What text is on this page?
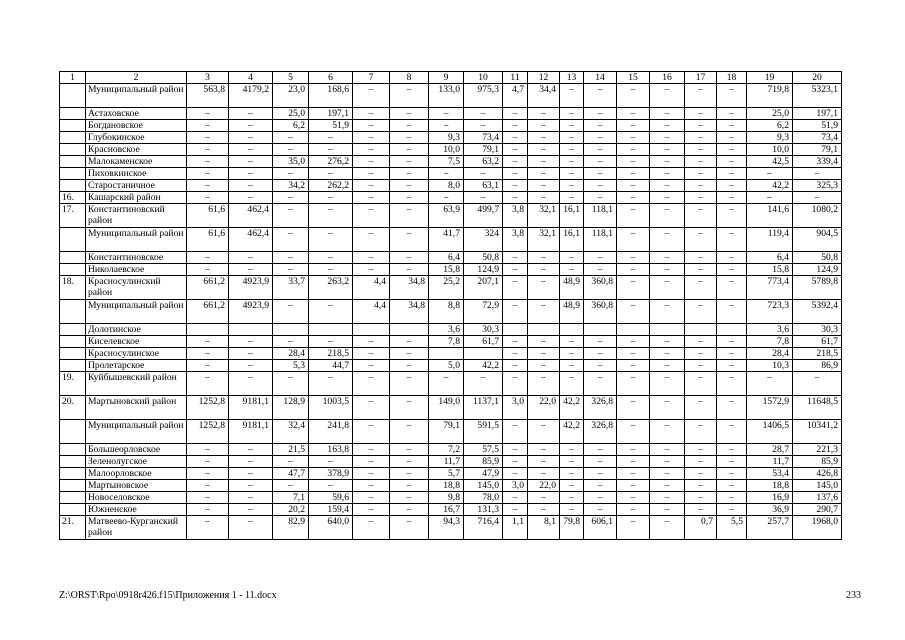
1	2	3	4	5	6	7	8	9	10	11	12	13	14	15	16	17	18	19	20
	Муниципальный район	563,8	4179,2	23,0	168,6	–	–	133,0	975,3	4,7	34,4	–	–	–	–	–	–	719,8	5323,1
	Астаховское	–	–	25,0	197,1	–	–	–	–	–	–	–	–	–	–	–	–	25,0	197,1
	Богдановское	–	–	6,2	51,9	–	–	–	–	–	–	–	–	–	–	–	–	6,2	51,9
	Глубокинское	–	–	–	–	–	–	9,3	73,4	–	–	–	–	–	–	–	–	9,3	73,4
	Красновское	–	–	–	–	–	–	10,0	79,1	–	–	–	–	–	–	–	–	10,0	79,1
	Малокаменское	–	–	35,0	276,2	–	–	7,5	63,2	–	–	–	–	–	–	–	–	42,5	339,4
	Пиховкинское	–	–	–	–	–	–	–	–	–	–	–	–	–	–	–	–	–	–
	Старостаничное	–	–	34,2	262,2	–	–	8,0	63,1	–	–	–	–	–	–	–	–	42,2	325,3
16.	Кашарский район	–	–	–	–	–	–	–	–	–	–	–	–	–	–	–	–	–	–
17.	Константиновский район	61,6	462,4	–	–	–	–	63,9	499,7	3,8	32,1	16,1	118,1	–	–	–	–	141,6	1080,2
	Муниципальный район	61,6	462,4	–	–	–	–	41,7	324	3,8	32,1	16,1	118,1	–	–	–	–	119,4	904,5
	Константиновское	–	–	–	–	–	–	6,4	50,8	–	–	–	–	–	–	–	–	6,4	50,8
	Николаевское	–	–	–	–	–	–	15,8	124,9	–	–	–	–	–	–	–	–	15,8	124,9
18.	Красносулинский район	661,2	4923,9	33,7	263,2	4,4	34,8	25,2	207,1	–	–	48,9	360,8	–	–	–	–	773,4	5789,8
	Муниципальный район	661,2	4923,9	–	–	4,4	34,8	8,8	72,9	–	–	48,9	360,8	–	–	–	–	723,3	5392,4
	Долотинское							3,6	30,3									3,6	30,3
	Киселевское	–	–	–	–	–	–	7,8	61,7	–	–	–	–	–	–	–	–	7,8	61,7
	Красносулинское	–	–	28,4	218,5	–	–			–	–	–	–	–	–	–	–	28,4	218,5
	Пролетарское	–	–	5,3	44,7	–	–	5,0	42,2	–	–	–	–	–	–	–	–	10,3	86,9
19.	Куйбышевский район	–	–	–	–	–	–	–	–	–	–	–	–	–	–	–	–	–	–
20.	Мартыновский район	1252,8	9181,1	128,9	1003,5	–	–	149,0	1137,1	3,0	22,0	42,2	326,8	–	–	–	–	1572,9	11648,5
	Муниципальный район	1252,8	9181,1	32,4	241,8	–	–	79,1	591,5	–	–	42,2	326,8	–	–	–	–	1406,5	10341,2
	Большеорловское	–	–	21,5	163,8	–	–	7,2	57,5	–	–	–	–	–	–	–	–	28,7	221,3
	Зеленолугское	–	–	–	–	–	–	11,7	85,9	–	–	–	–	–	–	–	–	11,7	85,9
	Малоорловское	–	–	47,7	378,9	–	–	5,7	47,9	–	–	–	–	–	–	–	–	53,4	426,8
	Мартыновское	–	–	–	–	–	–	18,8	145,0	3,0	22,0	–	–	–	–	–	–	18,8	145,0
	Новоселовское	–	–	7,1	59,6	–	–	9,8	78,0	–	–	–	–	–	–	–	–	16,9	137,6
	Южненское	–	–	20,2	159,4	–	–	16,7	131,3	–	–	–	–	–	–	–	–	36,9	290,7
21.	Матвеево-Курганский район	–	–	82,9	640,0	–	–	94,3	716,4	1,1	8,1	79,8	606,1	–	–	0,7	5,5	257,7	1968,0
Z:\ORST\Rpo\0918r426.f15\Приложения 1 - 11.docx	233
